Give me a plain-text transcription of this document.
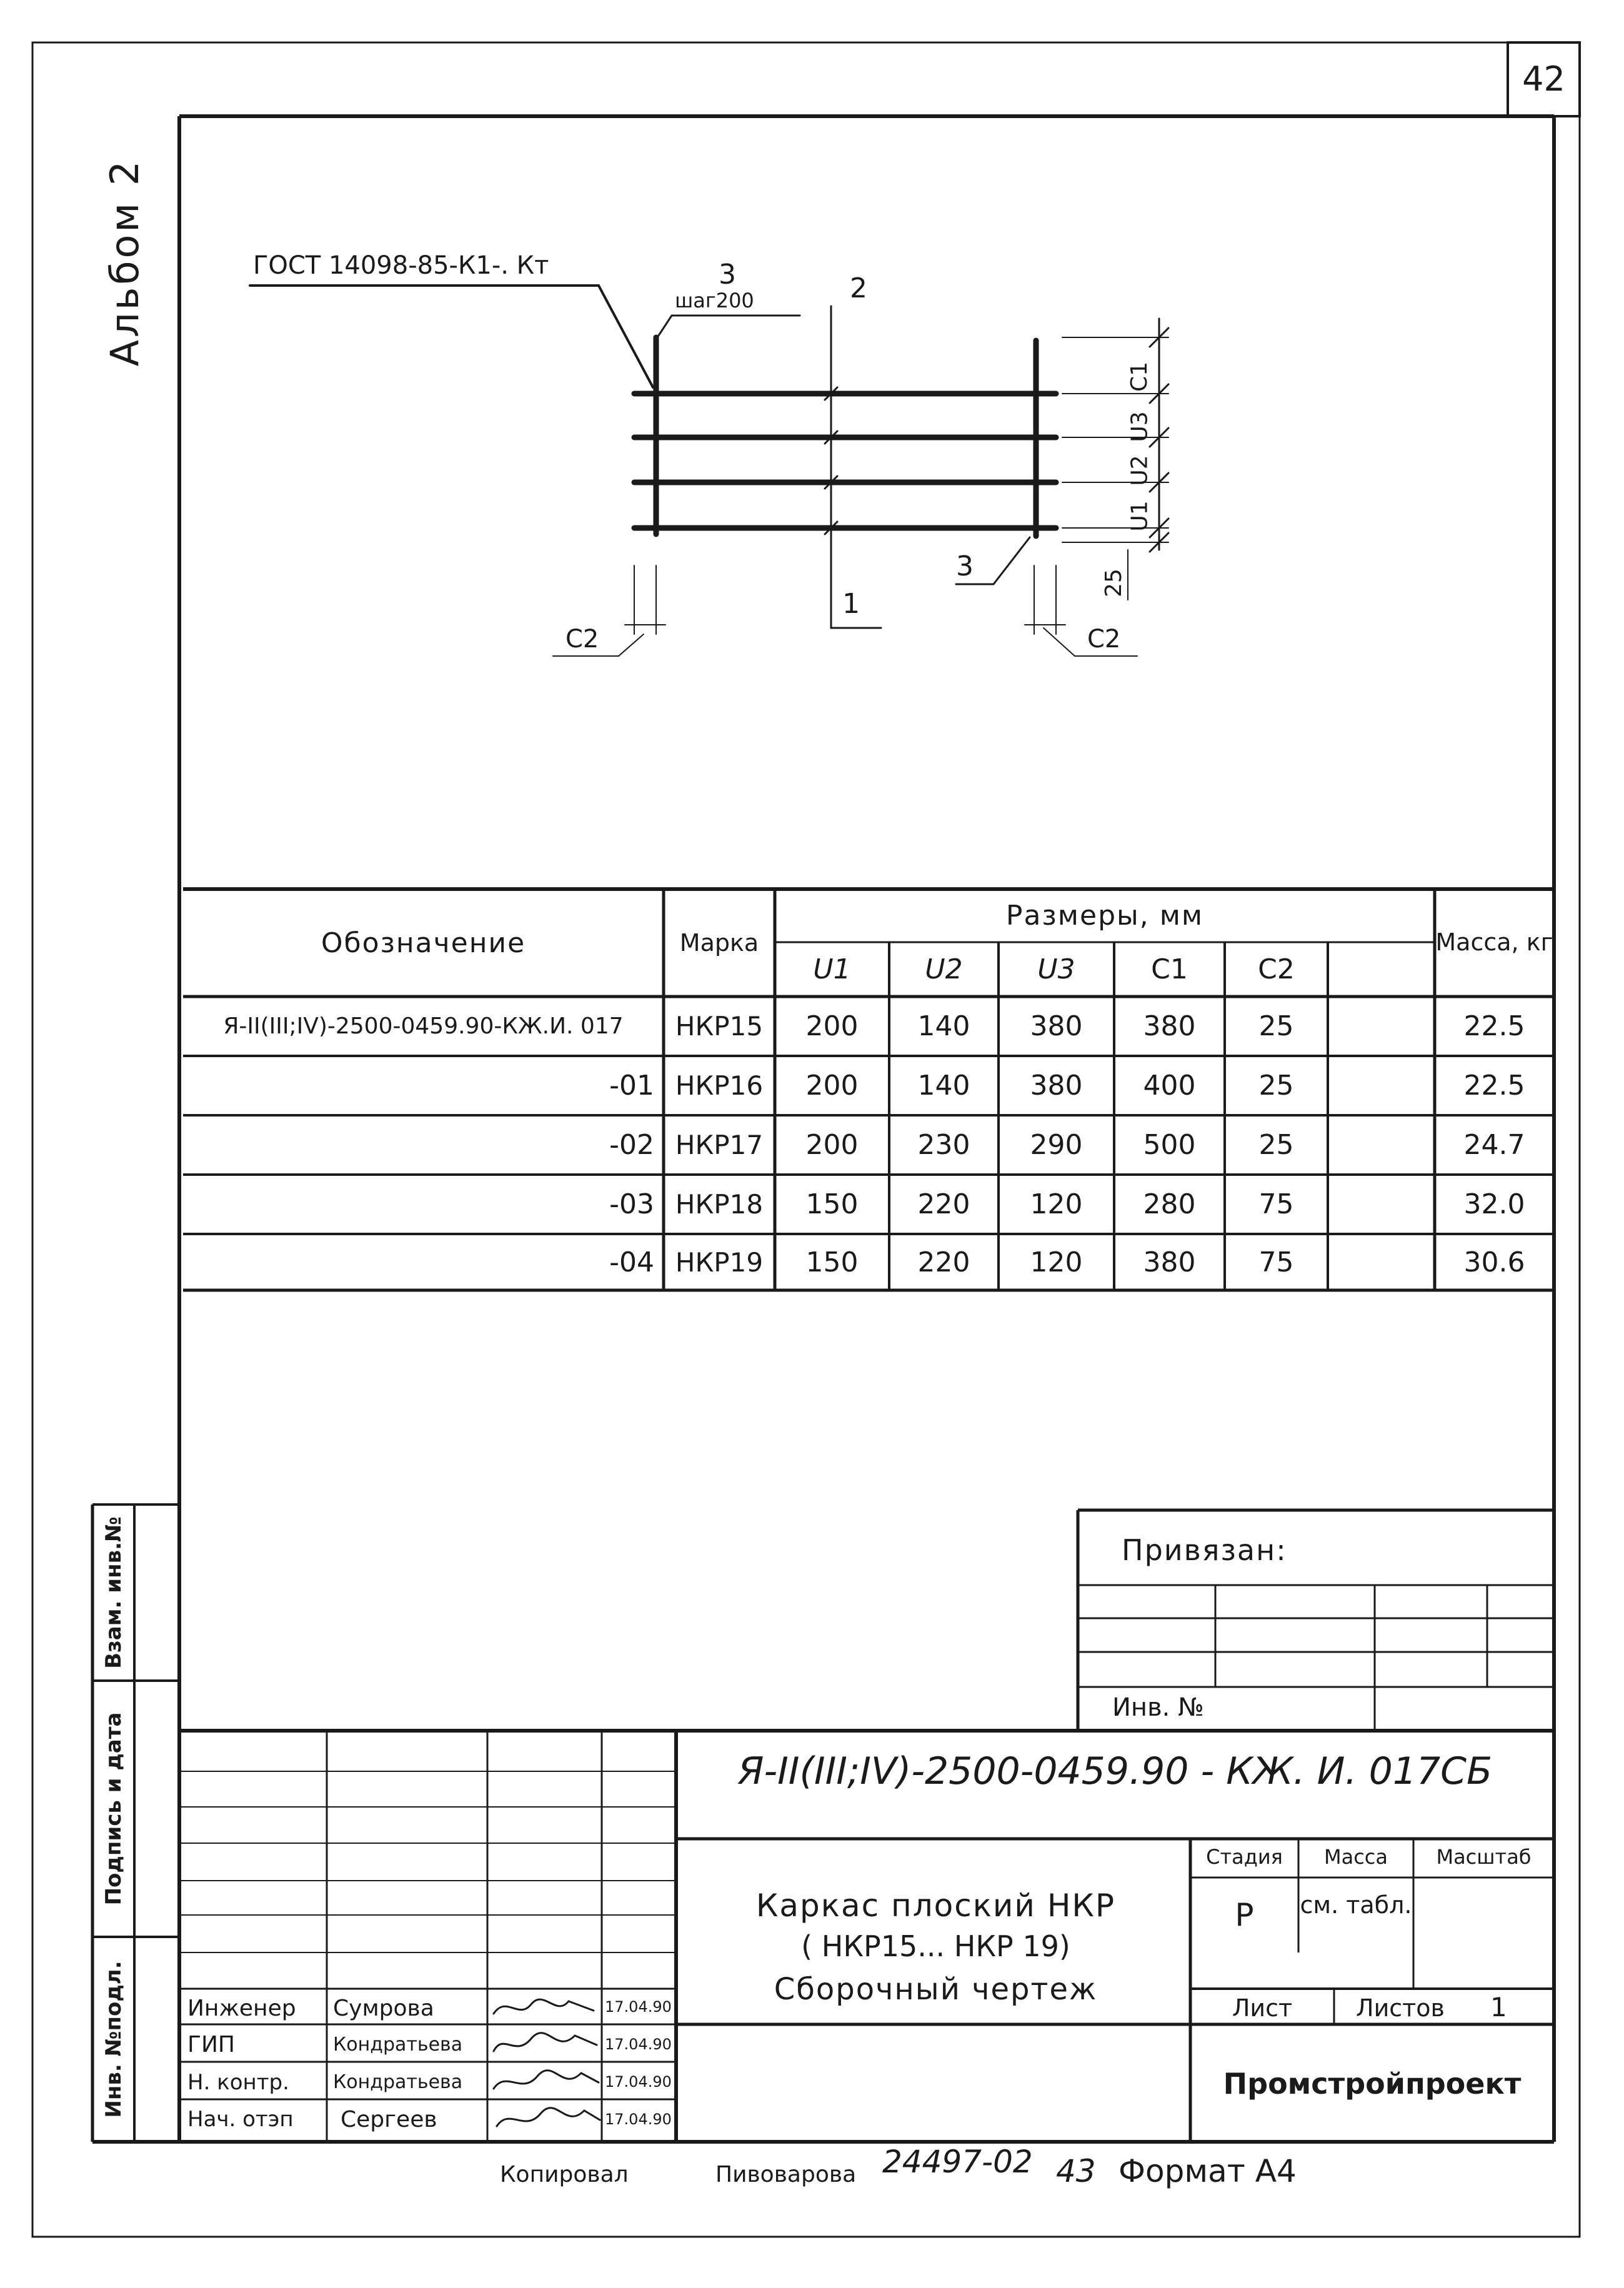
42
Альбом 2	ГОСТ 14098-85-К1-. Кт	3
шаг200	2
1
3
С2	С2
С1
U3
U2
U1
25
Обозначение	Марка
Размеры, мм
U1	U2	U3	С1	С2
Масса, кг
Я-II(III;IV)-2500-0459.90-КЖ.И. 017	НКР15	200	140	380	380	25	22.5
-01 НКР16	200	140	380	400	25	22.5
-02 НКР17	200	230	290	500	25	24.7
-03 НКР18	150	220	120	280	75	32.0
-04 НКР19	150	220	120	380	75	30.6
Привязан:
Инв. №
Взам. инв.№
Подпись и дата
Инв. №подл.
Я-II(III;IV)-2500-0459.90 - КЖ. И. 017СБ
Каркас плоский НКР
( НКР15... НКР 19)
Сборочный чертеж
Стадия	Масса	Масштаб
Р	см. табл.
Лист	Листов 1
Промстройпроект
Инженер Сумрова	17.04.90
ГИП	Кондратьева	17.04.90
Н. контр. Кондратьева	17.04.90
Нач. отэп Сергеев	17.04.90
Копировал	Пивоварова 24497-02 43 Формат А4
